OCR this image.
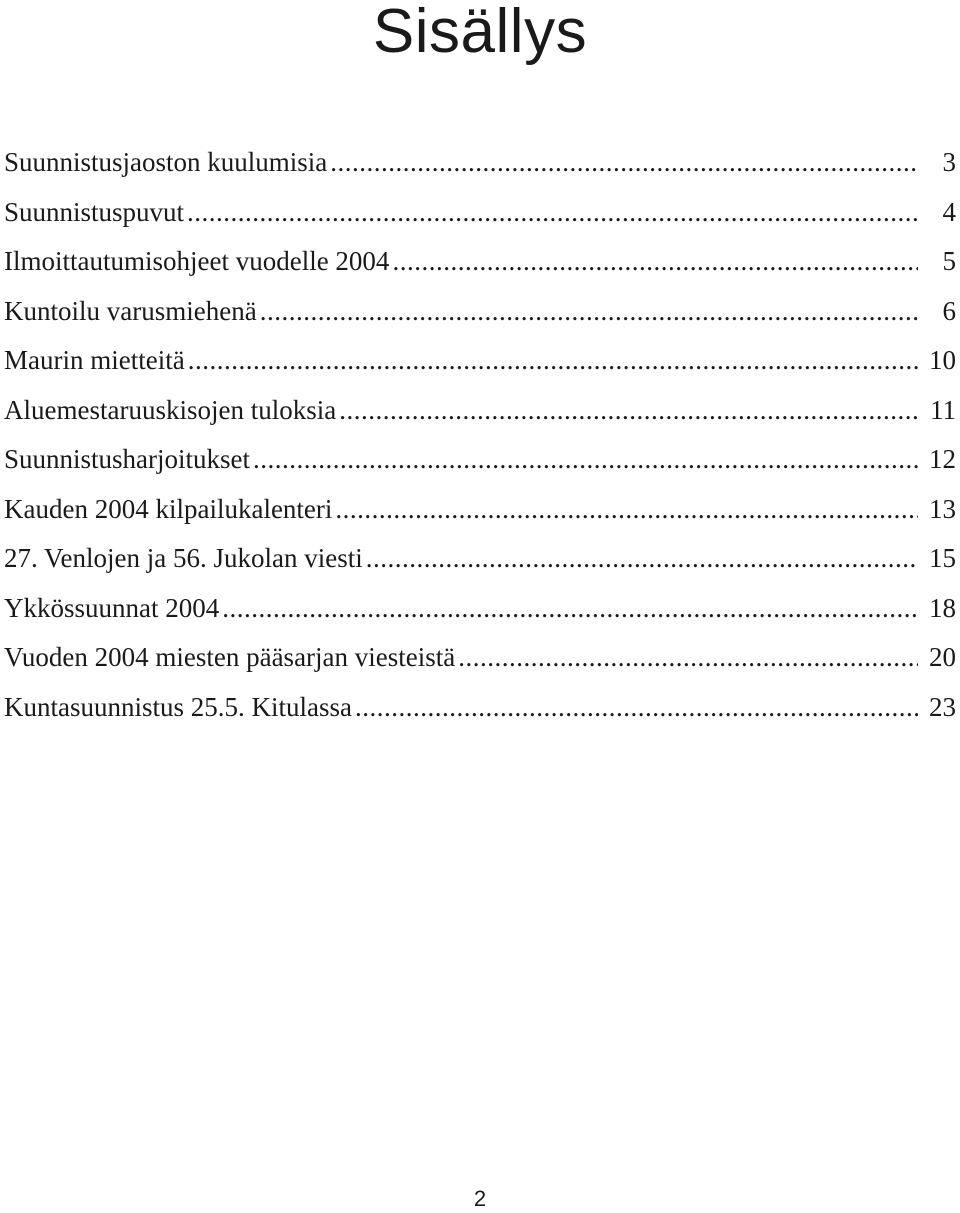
Sisällys
Suunnistusjaoston kuulumisia .....	3
Suunnistuspuvut .....	4
Ilmoittautumisohjeet vuodelle 2004 .....	5
Kuntoilu varusmiehenä .....	6
Maurin mietteitä .....	10
Aluemestaruuskisojen tuloksia .....	11
Suunnistusharjoitukset .....	12
Kauden 2004 kilpailukalenteri .....	13
27. Venlojen ja 56. Jukolan viesti .....	15
Ykkössuunnat 2004 .....	18
Vuoden 2004 miesten pääsarjan viesteistä .....	20
Kuntasuunnistus 25.5. Kitulassa .....	23
2
